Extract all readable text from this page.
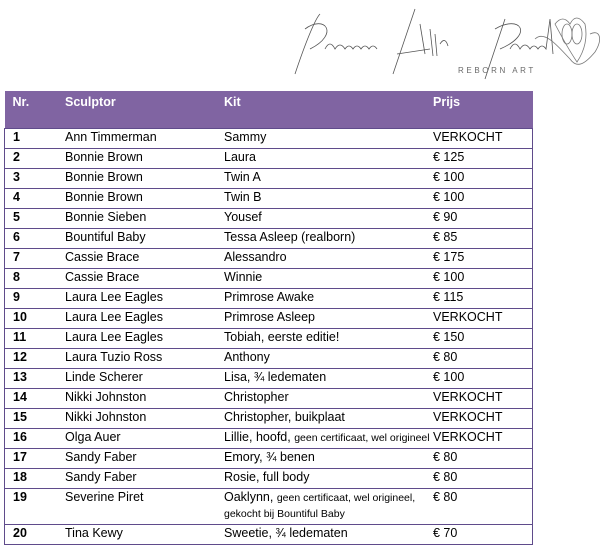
REBORN ART
Nr.	Sculptor	Kit	Prijs
1	Ann Timmerman	Sammy	VERKOCHT
2	Bonnie Brown	Laura	€ 125
3	Bonnie Brown	Twin A	€ 100
4	Bonnie Brown	Twin B	€ 100
5	Bonnie Sieben	Yousef	€ 90
6	Bountiful Baby	Tessa Asleep (realborn)	€ 85
7	Cassie Brace	Alessandro	€ 175
8	Cassie Brace	Winnie	€ 100
9	Laura Lee Eagles	Primrose Awake	€ 115
10	Laura Lee Eagles	Primrose Asleep	VERKOCHT
11	Laura Lee Eagles	Tobiah, eerste editie!	€ 150
12	Laura Tuzio Ross	Anthony	€ 80
13	Linde Scherer	Lisa, ¾ ledematen	€ 100
14	Nikki Johnston	Christopher	VERKOCHT
15	Nikki Johnston	Christopher, buikplaat	VERKOCHT
16	Olga Auer	Lillie, hoofd, geen certificaat, wel origineel	VERKOCHT
17	Sandy Faber	Emory, ¾ benen	€ 80
18	Sandy Faber	Rosie, full body	€ 80
19	Severine Piret	Oaklynn, geen certificaat, wel origineel, gekocht bij Bountiful Baby	€ 80
20	Tina Kewy	Sweetie, ¾ ledematen	€ 70
